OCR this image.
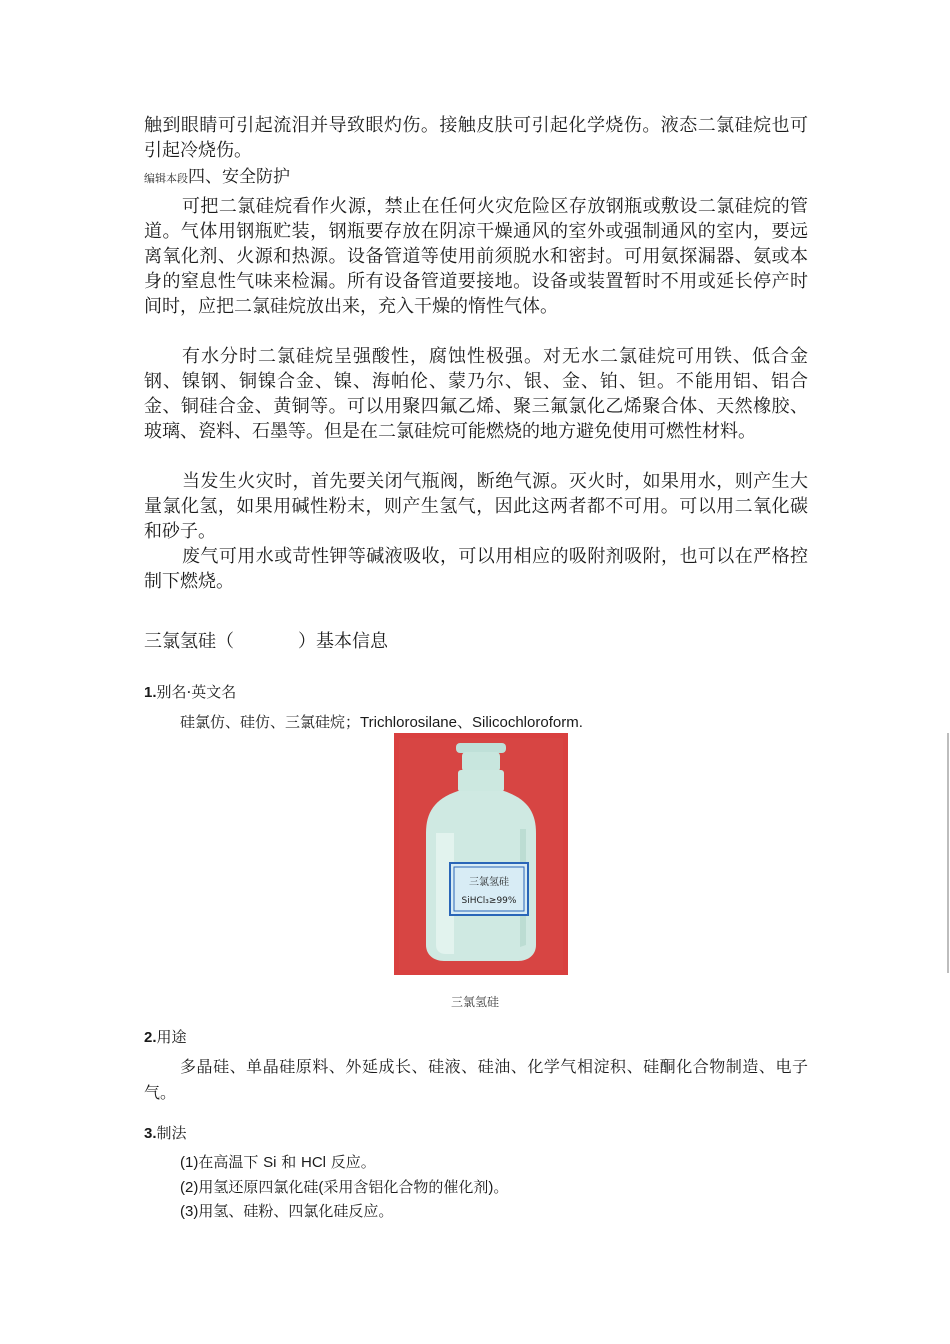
触到眼睛可引起流泪并导致眼灼伤。接触皮肤可引起化学烧伤。液态二氯硅烷也可引起冷烧伤。

编辑本段四、安全防护

可把二氯硅烷看作火源，禁止在任何火灾危险区存放钢瓶或敷设二氯硅烷的管道。气体用钢瓶贮装，钢瓶要存放在阴凉干燥通风的室外或强制通风的室内，要远离氧化剂、火源和热源。设备管道等使用前须脱水和密封。可用氨探漏器、氨或本身的窒息性气味来检漏。所有设备管道要接地。设备或装置暂时不用或延长停产时间时，应把二氯硅烷放出来，充入干燥的惰性气体。

有水分时二氯硅烷呈强酸性，腐蚀性极强。对无水二氯硅烷可用铁、低合金钢、镍钢、铜镍合金、镍、海帕伦、蒙乃尔、银、金、铂、钽。不能用铝、铝合金、铜硅合金、黄铜等。可以用聚四氟乙烯、聚三氟氯化乙烯聚合体、天然橡胶、玻璃、瓷料、石墨等。但是在二氯硅烷可能燃烧的地方避免使用可燃性材料。

当发生火灾时，首先要关闭气瓶阀，断绝气源。灭火时，如果用水，则产生大量氯化氢，如果用碱性粉末，则产生氢气，因此这两者都不可用。可以用二氧化碳和砂子。

废气可用水或苛性钾等碱液吸收，可以用相应的吸附剂吸附，也可以在严格控制下燃烧。

三氯氢硅（	）基本信息
1.别名·英文名
硅氯仿、硅仿、三氯硅烷；Trichlorosilane、Silicochloroform.
三氯氢硅
SiHCl₃≥99%
三氯氢硅
2.用途

多晶硅、单晶硅原料、外延成长、硅液、硅油、化学气相淀积、硅酮化合物制造、电子气。

3.制法
(1)在高温下 Si 和 HCl 反应。
(2)用氢还原四氯化硅(采用含铝化合物的催化剂)。
(3)用氢、硅粉、四氯化硅反应。
